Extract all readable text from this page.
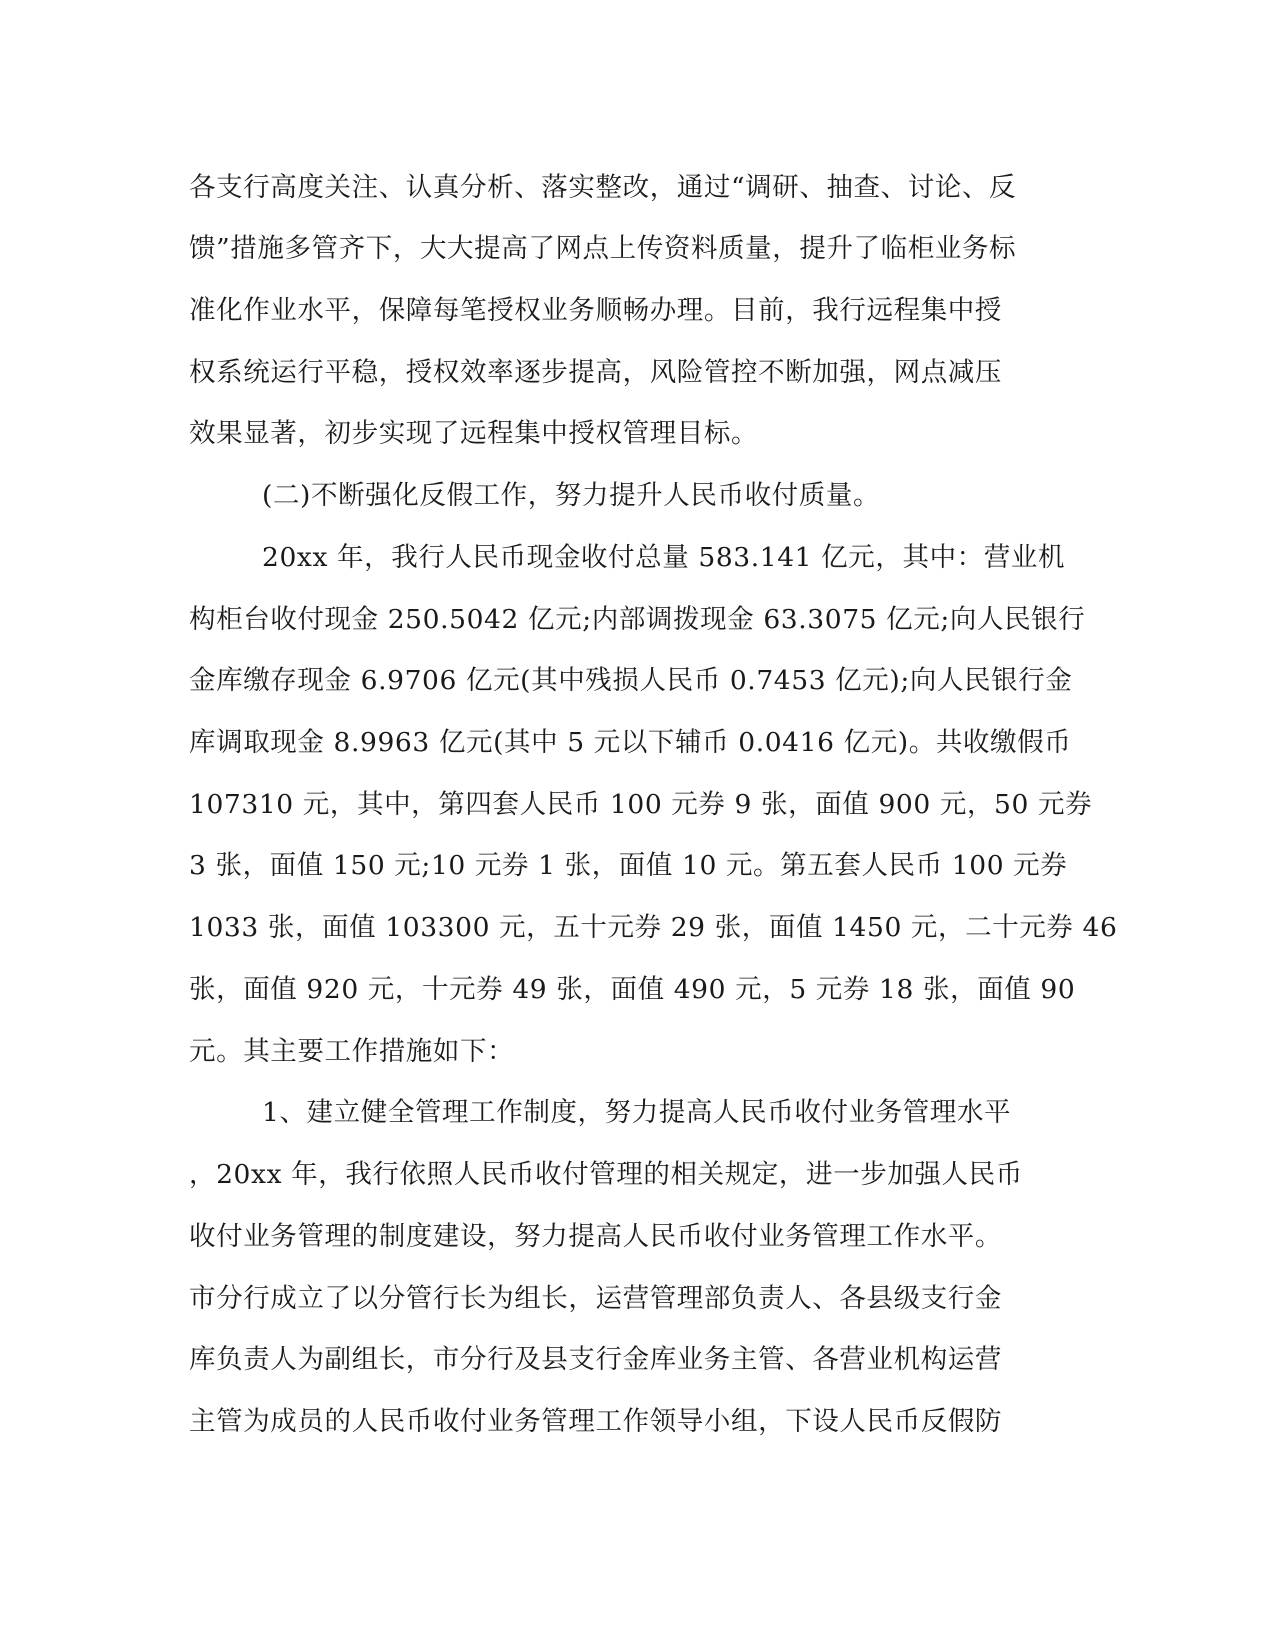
各支行高度关注、认真分析、落实整改，通过“调研、抽查、讨论、反
馈”措施多管齐下，大大提高了网点上传资料质量，提升了临柜业务标
准化作业水平，保障每笔授权业务顺畅办理。目前，我行远程集中授
权系统运行平稳，授权效率逐步提高，风险管控不断加强，网点减压
效果显著，初步实现了远程集中授权管理目标。
(二)不断强化反假工作，努力提升人民币收付质量。
20xx 年，我行人民币现金收付总量 583.141 亿元，其中：营业机
构柜台收付现金 250.5042 亿元;内部调拨现金 63.3075 亿元;向人民银行
金库缴存现金 6.9706 亿元(其中残损人民币 0.7453 亿元);向人民银行金
库调取现金 8.9963 亿元(其中 5 元以下辅币 0.0416 亿元)。共收缴假币
107310 元，其中，第四套人民币 100 元券 9 张，面值 900 元，50 元券
3 张，面值 150 元;10 元券 1 张，面值 10 元。第五套人民币 100 元券
1033 张，面值 103300 元，五十元券 29 张，面值 1450 元，二十元券 46
张，面值 920 元，十元券 49 张，面值 490 元，5 元券 18 张，面值 90
元。其主要工作措施如下：
1、建立健全管理工作制度，努力提高人民币收付业务管理水平
，20xx 年，我行依照人民币收付管理的相关规定，进一步加强人民币
收付业务管理的制度建设，努力提高人民币收付业务管理工作水平。
市分行成立了以分管行长为组长，运营管理部负责人、各县级支行金
库负责人为副组长，市分行及县支行金库业务主管、各营业机构运营
主管为成员的人民币收付业务管理工作领导小组，下设人民币反假防
